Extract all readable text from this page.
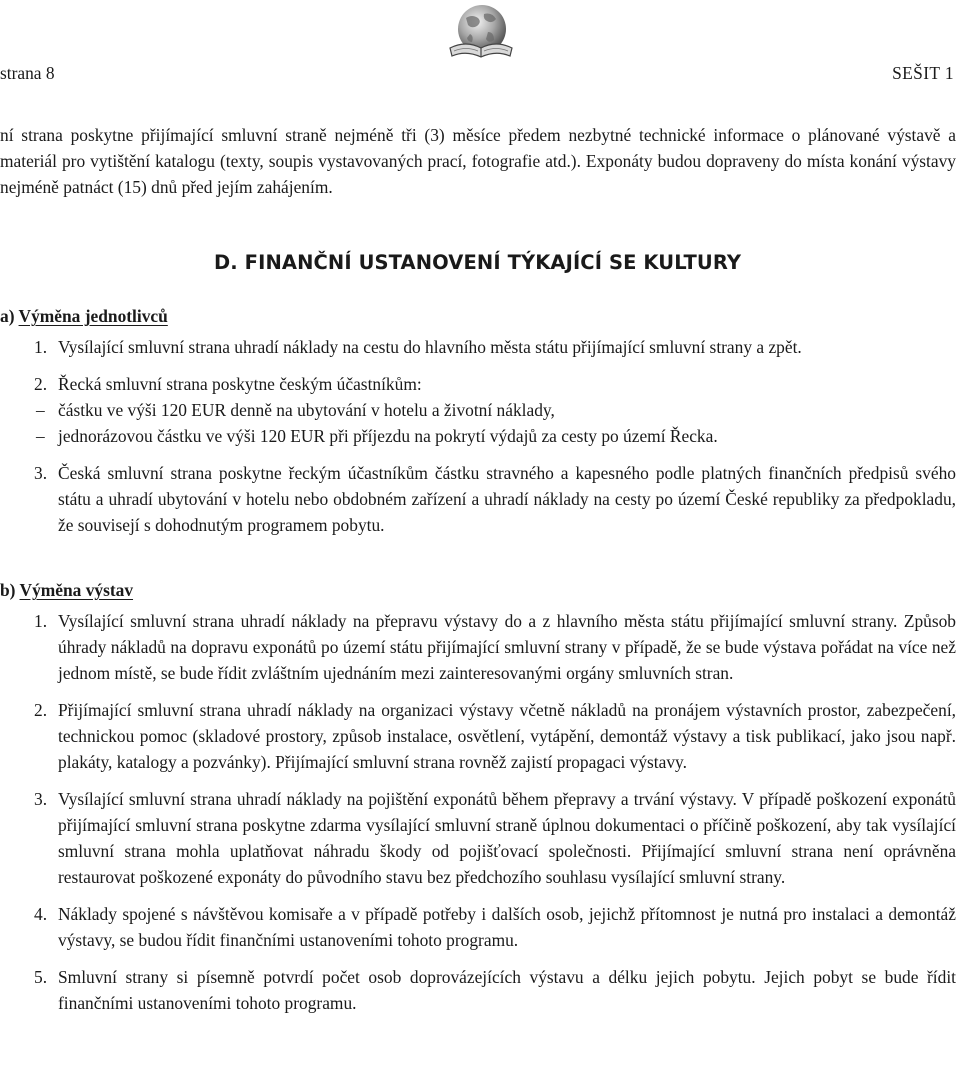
strana 8	SEŠIT 1

ní strana poskytne přijímající smluvní straně nejméně tři (3) měsíce předem nezbytné technické informace o plánované výstavě a materiál pro vytištění katalogu (texty, soupis vystavovaných prací, fotografie atd.). Exponáty budou dopraveny do místa konání výstavy nejméně patnáct (15) dnů před jejím zahájením.

D. FINANČNÍ USTANOVENÍ TÝKAJÍCÍ SE KULTURY
a) Výměna jednotlivců
1. Vysílající smluvní strana uhradí náklady na cestu do hlavního města státu přijímající smluvní strany a zpět.
2. Řecká smluvní strana poskytne českým účastníkům:
– částku ve výši 120 EUR denně na ubytování v hotelu a životní náklady,
– jednorázovou částku ve výši 120 EUR při příjezdu na pokrytí výdajů za cesty po území Řecka.
3. Česká smluvní strana poskytne řeckým účastníkům částku stravného a kapesného podle platných finančních předpisů svého státu a uhradí ubytování v hotelu nebo obdobném zařízení a uhradí náklady na cesty po území České republiky za předpokladu, že souvisejí s dohodnutým programem pobytu.
b) Výměna výstav
1. Vysílající smluvní strana uhradí náklady na přepravu výstavy do a z hlavního města státu přijímající smluvní strany. Způsob úhrady nákladů na dopravu exponátů po území státu přijímající smluvní strany v případě, že se bude výstava pořádat na více než jednom místě, se bude řídit zvláštním ujednáním mezi zainteresovanými orgány smluvních stran.
2. Přijímající smluvní strana uhradí náklady na organizaci výstavy včetně nákladů na pronájem výstavních prostor, zabezpečení, technickou pomoc (skladové prostory, způsob instalace, osvětlení, vytápění, demontáž výstavy a tisk publikací, jako jsou např. plakáty, katalogy a pozvánky). Přijímající smluvní strana rovněž zajistí propagaci výstavy.
3. Vysílající smluvní strana uhradí náklady na pojištění exponátů během přepravy a trvání výstavy. V případě poškození exponátů přijímající smluvní strana poskytne zdarma vysílající smluvní straně úplnou dokumentaci o příčině poškození, aby tak vysílající smluvní strana mohla uplatňovat náhradu škody od pojišťovací společnosti. Přijímající smluvní strana není oprávněna restaurovat poškozené exponáty do původního stavu bez předchozího souhlasu vysílající smluvní strany.
4. Náklady spojené s návštěvou komisaře a v případě potřeby i dalších osob, jejichž přítomnost je nutná pro instalaci a demontáž výstavy, se budou řídit finančními ustanoveními tohoto programu.
5. Smluvní strany si písemně potvrdí počet osob doprovázejících výstavu a délku jejich pobytu. Jejich pobyt se bude řídit finančními ustanoveními tohoto programu.
